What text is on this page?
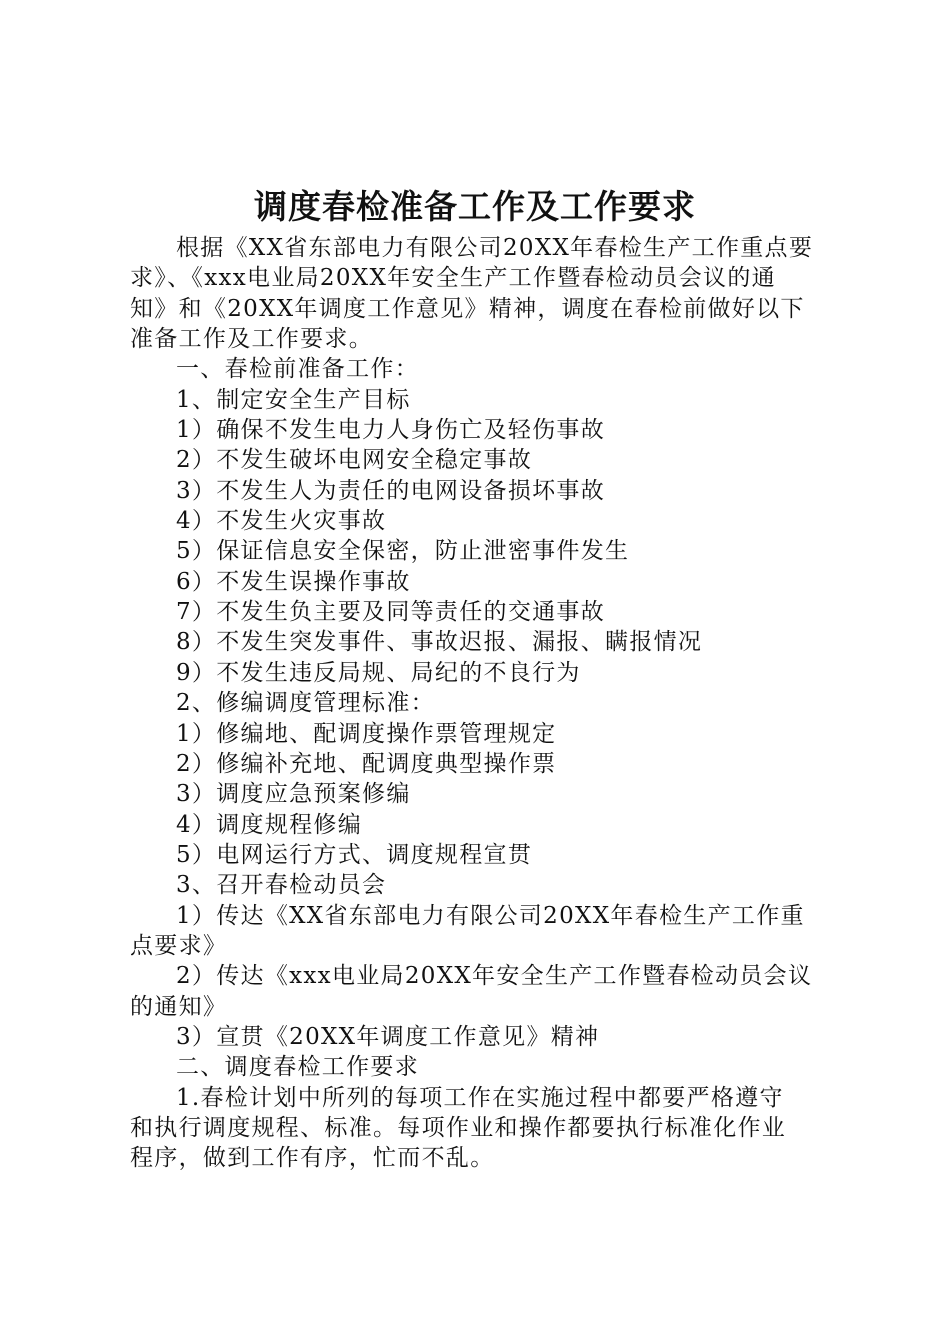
调度春检准备工作及工作要求

根据《XX省东部电力有限公司20XX年春检生产工作重点要

求》、《xxx电业局20XX年安全生产工作暨春检动员会议的通

知》和《20XX年调度工作意见》精神，调度在春检前做好以下

准备工作及工作要求。

一、春检前准备工作：

1、制定安全生产目标

1）确保不发生电力人身伤亡及轻伤事故

2）不发生破坏电网安全稳定事故

3）不发生人为责任的电网设备损坏事故

4）不发生火灾事故

5）保证信息安全保密，防止泄密事件发生

6）不发生误操作事故

7）不发生负主要及同等责任的交通事故

8）不发生突发事件、事故迟报、漏报、瞒报情况

9）不发生违反局规、局纪的不良行为

2、修编调度管理标准：

1）修编地、配调度操作票管理规定

2）修编补充地、配调度典型操作票

3）调度应急预案修编

4）调度规程修编

5）电网运行方式、调度规程宣贯

3、召开春检动员会

1）传达《XX省东部电力有限公司20XX年春检生产工作重

点要求》

2）传达《xxx电业局20XX年安全生产工作暨春检动员会议

的通知》

3）宣贯《20XX年调度工作意见》精神

二、调度春检工作要求

1.春检计划中所列的每项工作在实施过程中都要严格遵守

和执行调度规程、标准。每项作业和操作都要执行标准化作业

程序，做到工作有序，忙而不乱。
